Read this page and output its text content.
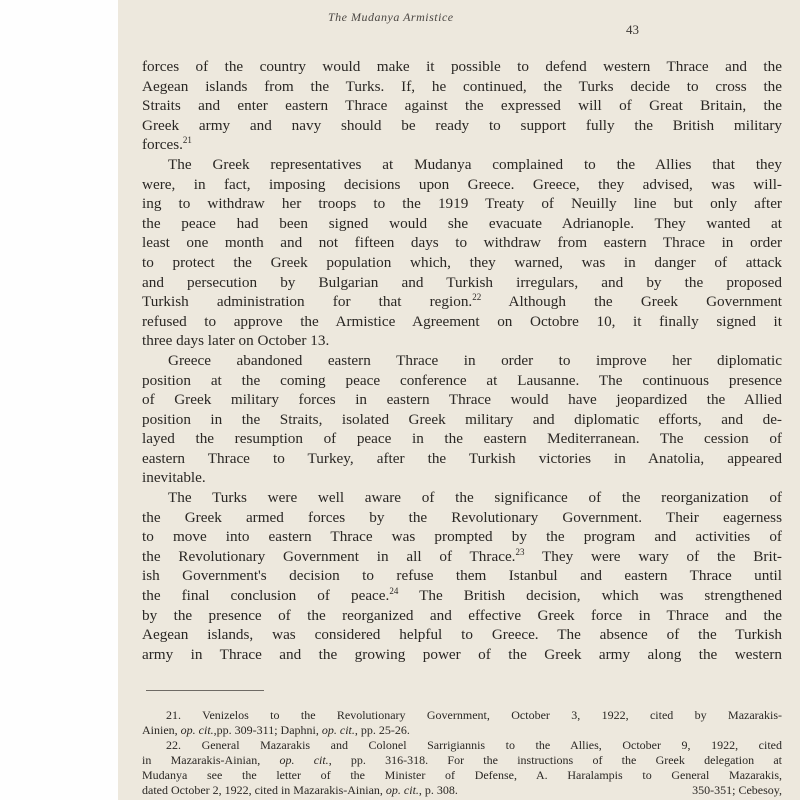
The Mudanya Armistice
43
forces of the country would make it possible to defend western Thrace and the
Aegean islands from the Turks. If, he continued, the Turks decide to cross the
Straits and enter eastern Thrace against the expressed will of Great Britain, the
Greek army and navy should be ready to support fully the British military
forces.$^{21}$
The Greek representatives at Mudanya complained to the Allies that they
were, in fact, imposing decisions upon Greece. Greece, they advised, was will-
ing to withdraw her troops to the 1919 Treaty of Neuilly line but only after
the peace had been signed would she evacuate Adrianople. They wanted at
least one month and not fifteen days to withdraw from eastern Thrace in order
to protect the Greek population which, they warned, was in danger of attack
and persecution by Bulgarian and Turkish irregulars, and by the proposed
Turkish administration for that region.$^{22}$ Although the Greek Government
refused to approve the Armistice Agreement on Octobre 10, it finally signed it
three days later on October 13.
Greece abandoned eastern Thrace in order to improve her diplomatic
position at the coming peace conference at Lausanne. The continuous presence
of Greek military forces in eastern Thrace would have jeopardized the Allied
position in the Straits, isolated Greek military and diplomatic efforts, and de-
layed the resumption of peace in the eastern Mediterranean. The cession of
eastern Thrace to Turkey, after the Turkish victories in Anatolia, appeared
inevitable.
The Turks were well aware of the significance of the reorganization of
the Greek armed forces by the Revolutionary Government. Their eagerness
to move into eastern Thrace was prompted by the program and activities of
the Revolutionary Government in all of Thrace.$^{23}$ They were wary of the Brit-
ish Government's decision to refuse them Istanbul and eastern Thrace until
the final conclusion of peace.$^{24}$ The British decision, which was strengthened
by the presence of the reorganized and effective Greek force in Thrace and the
Aegean islands, was considered helpful to Greece. The absence of the Turkish
army in Thrace and the growing power of the Greek army along the western
21. Venizelos to the Revolutionary Government, October 3, 1922, cited by Mazarakis-
Ainien, op. cit.,pp. 309-311; Daphni, op. cit., pp. 25-26.
22. General Mazarakis and Colonel Sarrigiannis to the Allies, October 9, 1922, cited
in Mazarakis-Ainian, op. cit., pp. 316-318. For the instructions of the Greek delegation at
Mudanya see the letter of the Minister of Defense, A. Haralampis to General Mazarakis,
dated October 2, 1922, cited in Mazarakis-Ainian, op. cit., p. 308.	350-351; Cebesoy,
